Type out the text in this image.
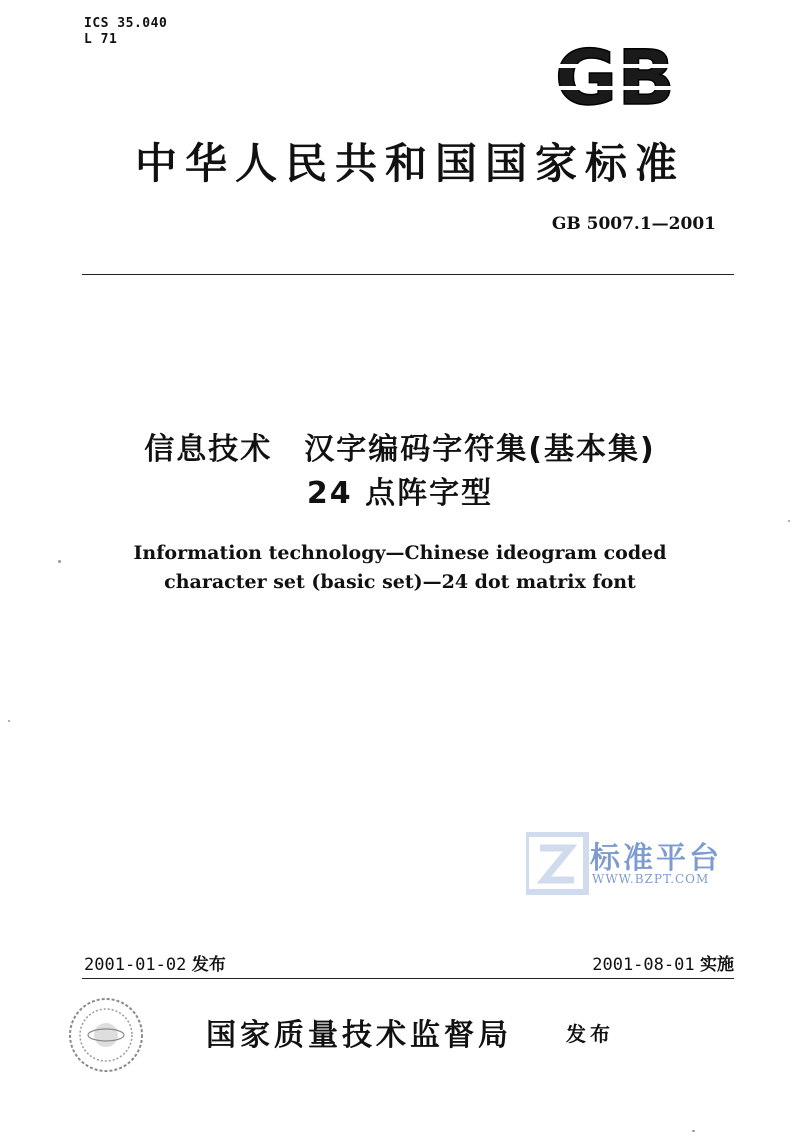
ICS 35.040
L 71	GB
中华人民共和国国家标准
GB 5007.1—2001
信息技术　汉字编码字符集(基本集)
24 点阵字型
Information technology—Chinese ideogram coded
character set (basic set)—24 dot matrix font
标准平台
WWW.BZPT.COM
2001-01-02 发布	2001-08-01 实施
国家质量技术监督局	发布
